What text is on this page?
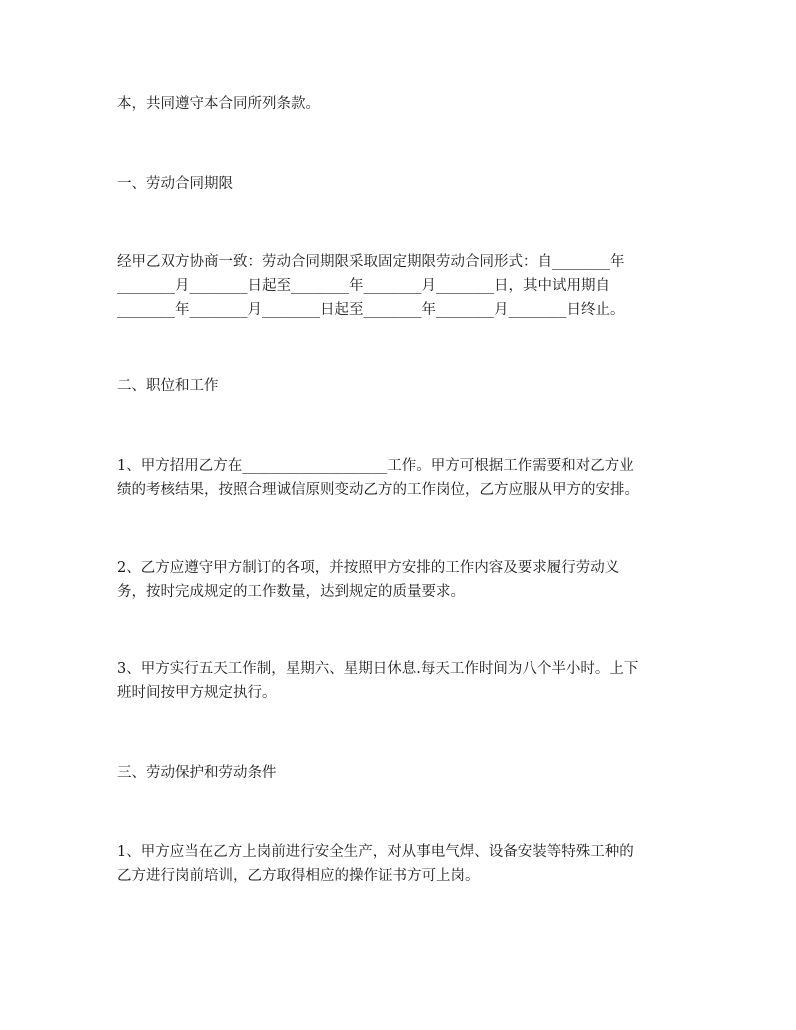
本，共同遵守本合同所列条款。
一、劳动合同期限
经甲乙双方协商一致：劳动合同期限采取固定期限劳动合同形式：自________年
________月________日起至________年________月________日，其中试用期自
________年________月________日起至________年________月________日终止。
二、职位和工作
1、甲方招用乙方在____________________工作。甲方可根据工作需要和对乙方业
绩的考核结果，按照合理诚信原则变动乙方的工作岗位，乙方应服从甲方的安排。
2、乙方应遵守甲方制订的各项，并按照甲方安排的工作内容及要求履行劳动义
务，按时完成规定的工作数量，达到规定的质量要求。
3、甲方实行五天工作制，星期六、星期日休息.每天工作时间为八个半小时。上下
班时间按甲方规定执行。
三、劳动保护和劳动条件
1、甲方应当在乙方上岗前进行安全生产，对从事电气焊、设备安装等特殊工种的
乙方进行岗前培训，乙方取得相应的操作证书方可上岗。
